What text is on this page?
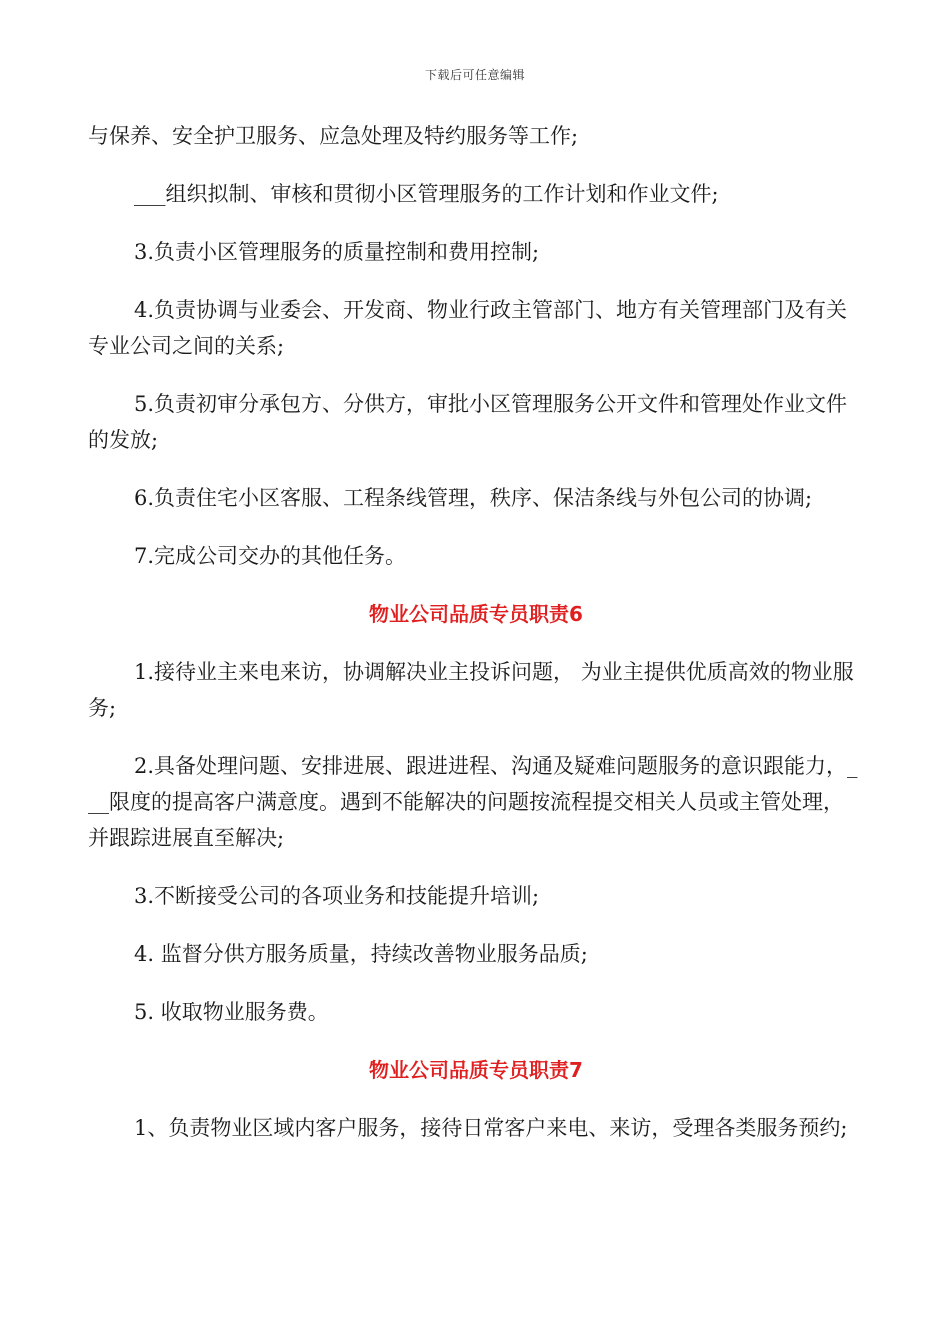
下载后可任意编辑

与保养、安全护卫服务、应急处理及特约服务等工作;

___组织拟制、审核和贯彻小区管理服务的工作计划和作业文件;

3.负责小区管理服务的质量控制和费用控制;

4.负责协调与业委会、开发商、物业行政主管部门、地方有关管理部门及有关专业公司之间的关系;

5.负责初审分承包方、分供方，审批小区管理服务公开文件和管理处作业文件的发放;

6.负责住宅小区客服、工程条线管理，秩序、保洁条线与外包公司的协调;

7.完成公司交办的其他任务。

物业公司品质专员职责6

1.接待业主来电来访，协调解决业主投诉问题， 为业主提供优质高效的物业服务;

2.具备处理问题、安排进展、跟进进程、沟通及疑难问题服务的意识跟能力，___限度的提高客户满意度。遇到不能解决的问题按流程提交相关人员或主管处理，并跟踪进展直至解决;

3.不断接受公司的各项业务和技能提升培训;

4. 监督分供方服务质量，持续改善物业服务品质;

5. 收取物业服务费。

物业公司品质专员职责7

1、负责物业区域内客户服务，接待日常客户来电、来访，受理各类服务预约;
